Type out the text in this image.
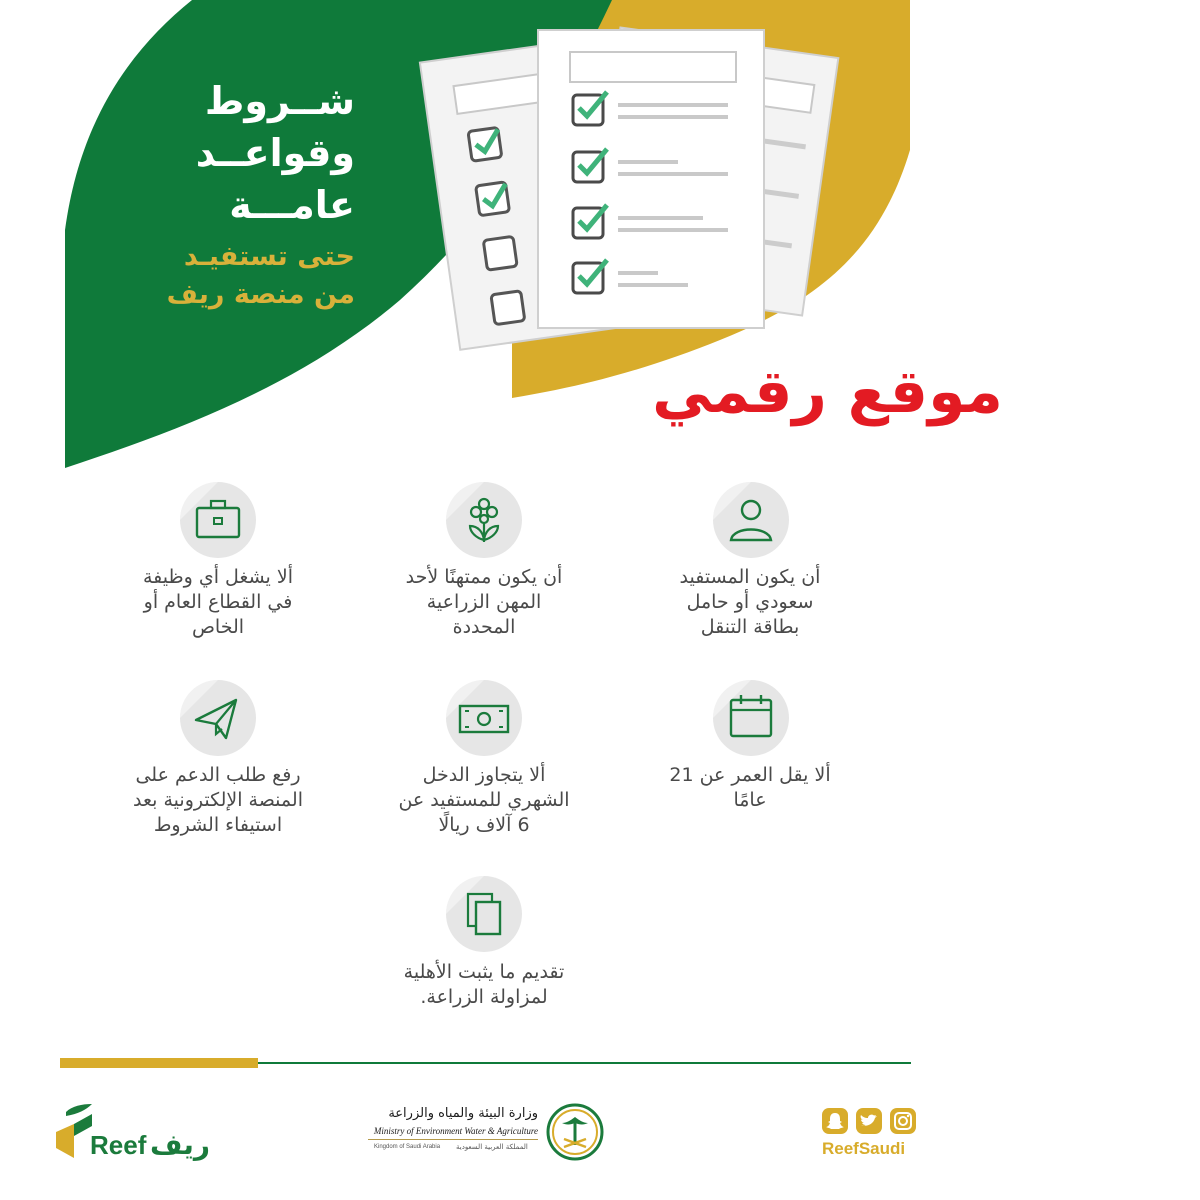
شــروط
وقواعــد
عامـــة
حتى تستفيـد
من منصة ريف
موقع رقمي
أن يكون المستفيد
سعودي أو حامل
بطاقة التنقل
أن يكون ممتهنًا لأحد
المهن الزراعية
المحددة
ألا يشغل أي وظيفة
في القطاع العام أو
الخاص
ألا يقل العمر عن 21
عامًا
ألا يتجاوز الدخل
الشهري للمستفيد عن
6 آلاف ريالًا
رفع طلب الدعم على
المنصة الإلكترونية بعد
استيفاء الشروط
تقديم ما يثبت الأهلية
لمزاولة الزراعة.
Reef ريف
وزارة البيئة والمياه والزراعة
Ministry of Environment Water & Agriculture
Kingdom of Saudi Arabia المملكة العربية السعودية	ReefSaudi
